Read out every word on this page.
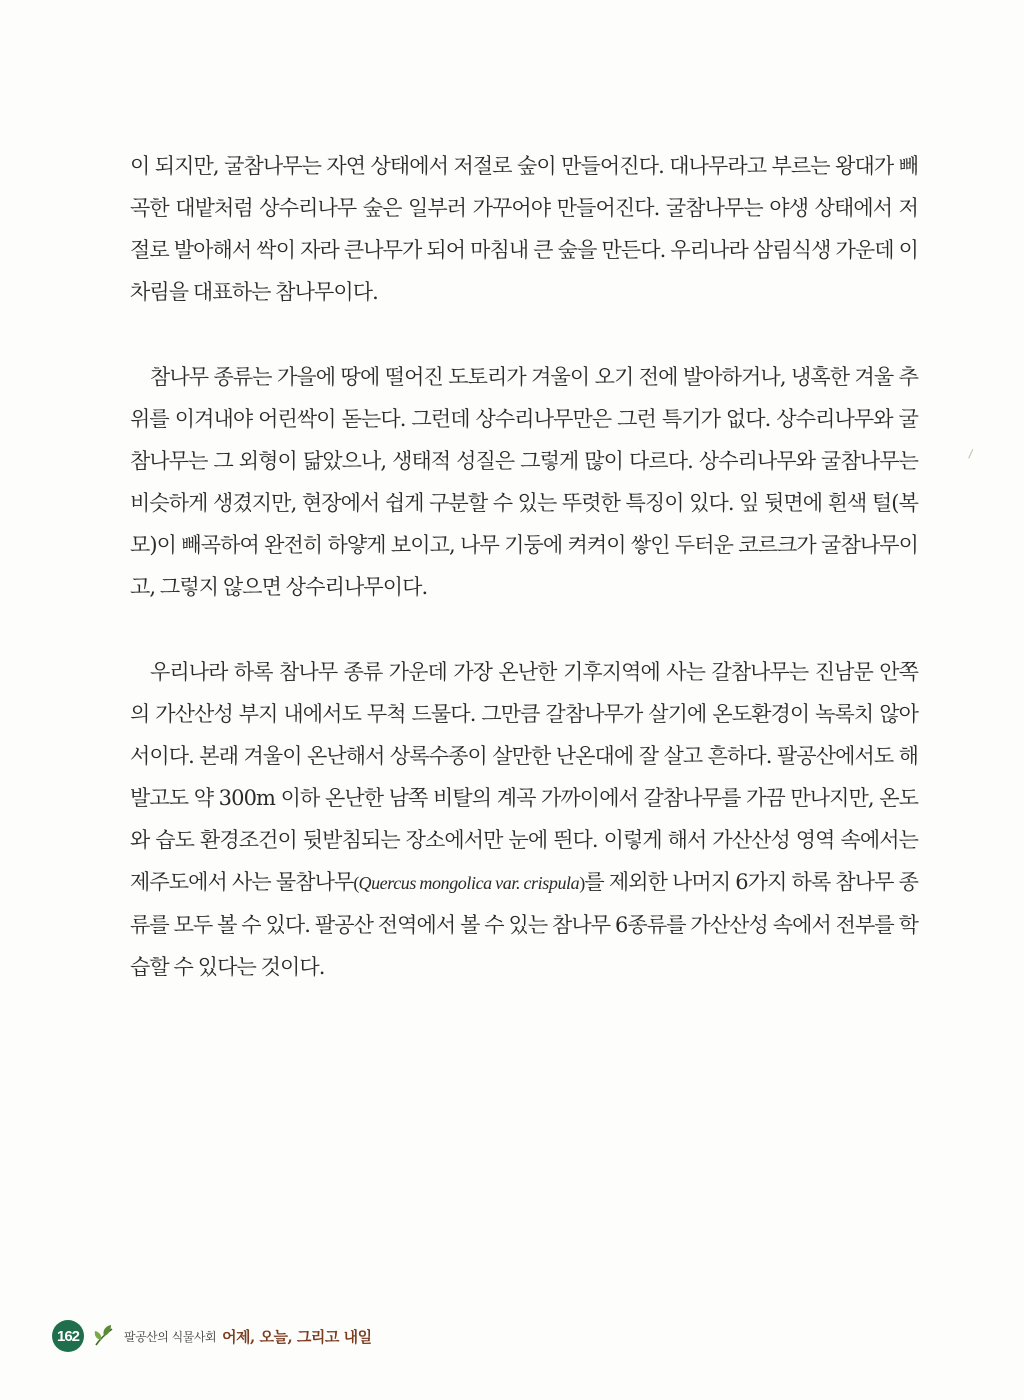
이 되지만, 굴참나무는 자연 상태에서 저절로 숲이 만들어진다. 대나무라고 부르는 왕대가 빼곡한 대밭처럼 상수리나무 숲은 일부러 가꾸어야 만들어진다. 굴참나무는 야생 상태에서 저절로 발아해서 싹이 자라 큰나무가 되어 마침내 큰 숲을 만든다. 우리나라 삼림식생 가운데 이차림을 대표하는 참나무이다.

참나무 종류는 가을에 땅에 떨어진 도토리가 겨울이 오기 전에 발아하거나, 냉혹한 겨울 추위를 이겨내야 어린싹이 돋는다. 그런데 상수리나무만은 그런 특기가 없다. 상수리나무와 굴참나무는 그 외형이 닮았으나, 생태적 성질은 그렇게 많이 다르다. 상수리나무와 굴참나무는 비슷하게 생겼지만, 현장에서 쉽게 구분할 수 있는 뚜렷한 특징이 있다. 잎 뒷면에 흰색 털(복모)이 빼곡하여 완전히 하얗게 보이고, 나무 기둥에 켜켜이 쌓인 두터운 코르크가 굴참나무이고, 그렇지 않으면 상수리나무이다.

우리나라 하록 참나무 종류 가운데 가장 온난한 기후지역에 사는 갈참나무는 진남문 안쪽의 가산산성 부지 내에서도 무척 드물다. 그만큼 갈참나무가 살기에 온도환경이 녹록치 않아서이다. 본래 겨울이 온난해서 상록수종이 살만한 난온대에 잘 살고 흔하다. 팔공산에서도 해발고도 약 300m 이하 온난한 남쪽 비탈의 계곡 가까이에서 갈참나무를 가끔 만나지만, 온도와 습도 환경조건이 뒷받침되는 장소에서만 눈에 띈다. 이렇게 해서 가산산성 영역 속에서는 제주도에서 사는 물참나무(Quercus mongolica var. crispula)를 제외한 나머지 6가지 하록 참나무 종류를 모두 볼 수 있다. 팔공산 전역에서 볼 수 있는 참나무 6종류를 가산산성 속에서 전부를 학습할 수 있다는 것이다.

162	팔공산의 식물사회 어제, 오늘, 그리고 내일
